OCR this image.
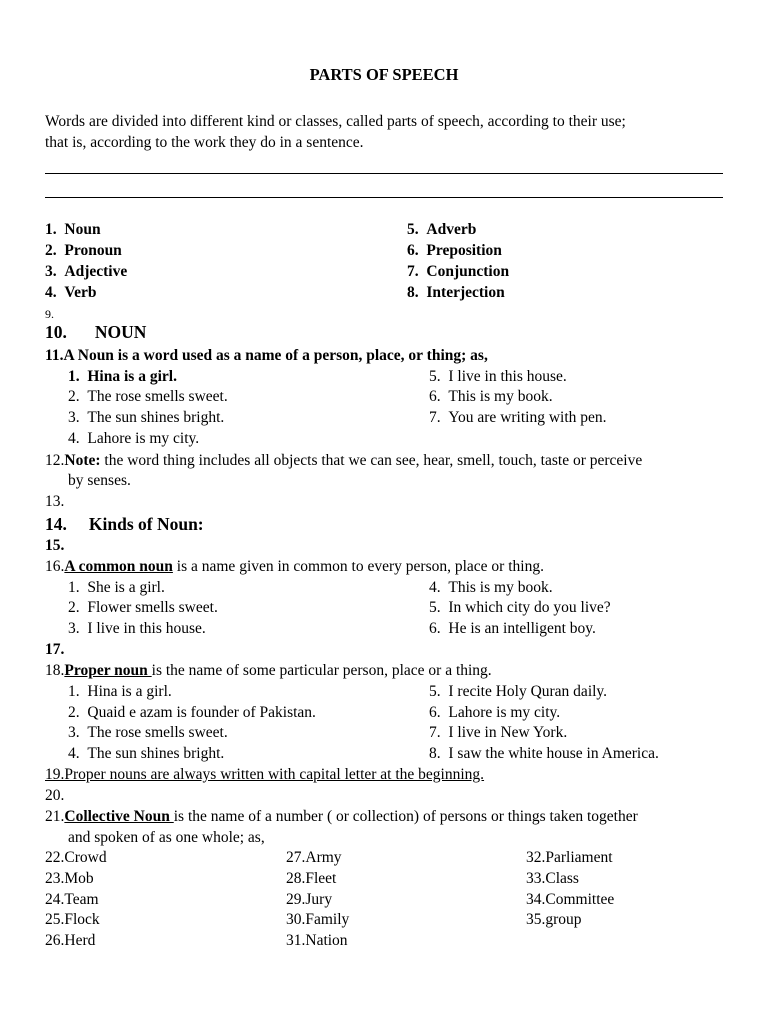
PARTS OF SPEECH
Words are divided into different kind or classes, called parts of speech, according to their use;
that is, according to the work they do in a sentence.
1.  Noun
2.  Pronoun
3.  Adjective
4.  Verb
5.  Adverb
6.  Preposition
7.  Conjunction
8.  Interjection
9.
10. NOUN
11.A Noun is a word used as a name of a person, place, or thing; as,
1.  Hina is a girl.
2.  The rose smells sweet.
3.  The sun shines bright.
4.  Lahore is my city.
5.  I live in this house.
6.  This is my book.
7.  You are writing with pen.
12.Note: the word thing includes all objects that we can see, hear, smell, touch, taste or perceive
by senses.
13.
14. Kinds of Noun:
15.
16.A common noun is a name given in common to every person, place or thing.
1.  She is a girl.
2.  Flower smells sweet.
3.  I live in this house.
4.  This is my book.
5.  In which city do you live?
6.  He is an intelligent boy.
17.
18.Proper noun is the name of some particular person, place or a thing.
1.  Hina is a girl.
2.  Quaid e azam is founder of Pakistan.
3.  The rose smells sweet.
4.  The sun shines bright.
5.  I recite Holy Quran daily.
6.  Lahore is my city.
7.  I live in New York.
8.  I saw the white house in America.
19.Proper nouns are always written with capital letter at the beginning.
20.
21.Collective Noun is the name of a number ( or collection) of persons or things taken together
and spoken of as one whole; as,
22.Crowd
23.Mob
24.Team
25.Flock
26.Herd
27.Army
28.Fleet
29.Jury
30.Family
31.Nation
32.Parliament
33.Class
34.Committee
35.group
